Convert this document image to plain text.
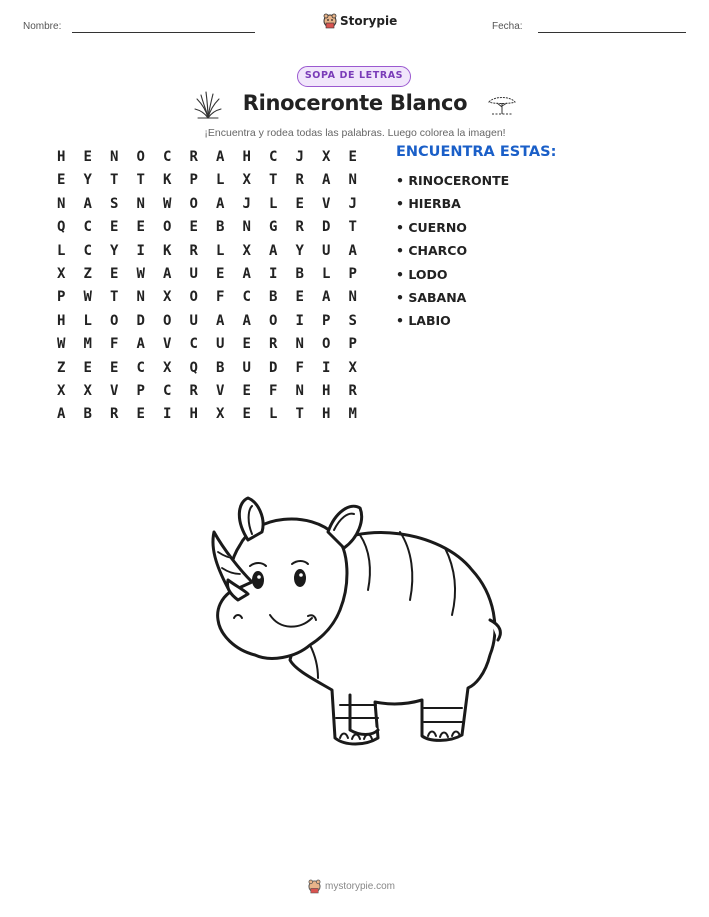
Nombre:	Storypie	Fecha:
SOPA DE LETRAS
Rinoceronte Blanco
¡Encuentra y rodea todas las palabras. Luego colorea la imagen!
H	E	N	O	C	R	A	H	C	J	X	E
E	Y	T	T	K	P	L	X	T	R	A	N
N	A	S	N	W	O	A	J	L	E	V	J
Q	C	E	E	O	E	B	N	G	R	D	T
L	C	Y	I	K	R	L	X	A	Y	U	A
X	Z	E	W	A	U	E	A	I	B	L	P
P	W	T	N	X	O	F	C	B	E	A	N
H	L	O	D	O	U	A	A	O	I	P	S
W	M	F	A	V	C	U	E	R	N	O	P
Z	E	E	C	X	Q	B	U	D	F	I	X
X	X	V	P	C	R	V	E	F	N	H	R
A	B	R	E	I	H	X	E	L	T	H	M
ENCUENTRA ESTAS:
• RINOCERONTE
• HIERBA
• CUERNO
• CHARCO
• LODO
• SABANA
• LABIO
mystorypie.com
